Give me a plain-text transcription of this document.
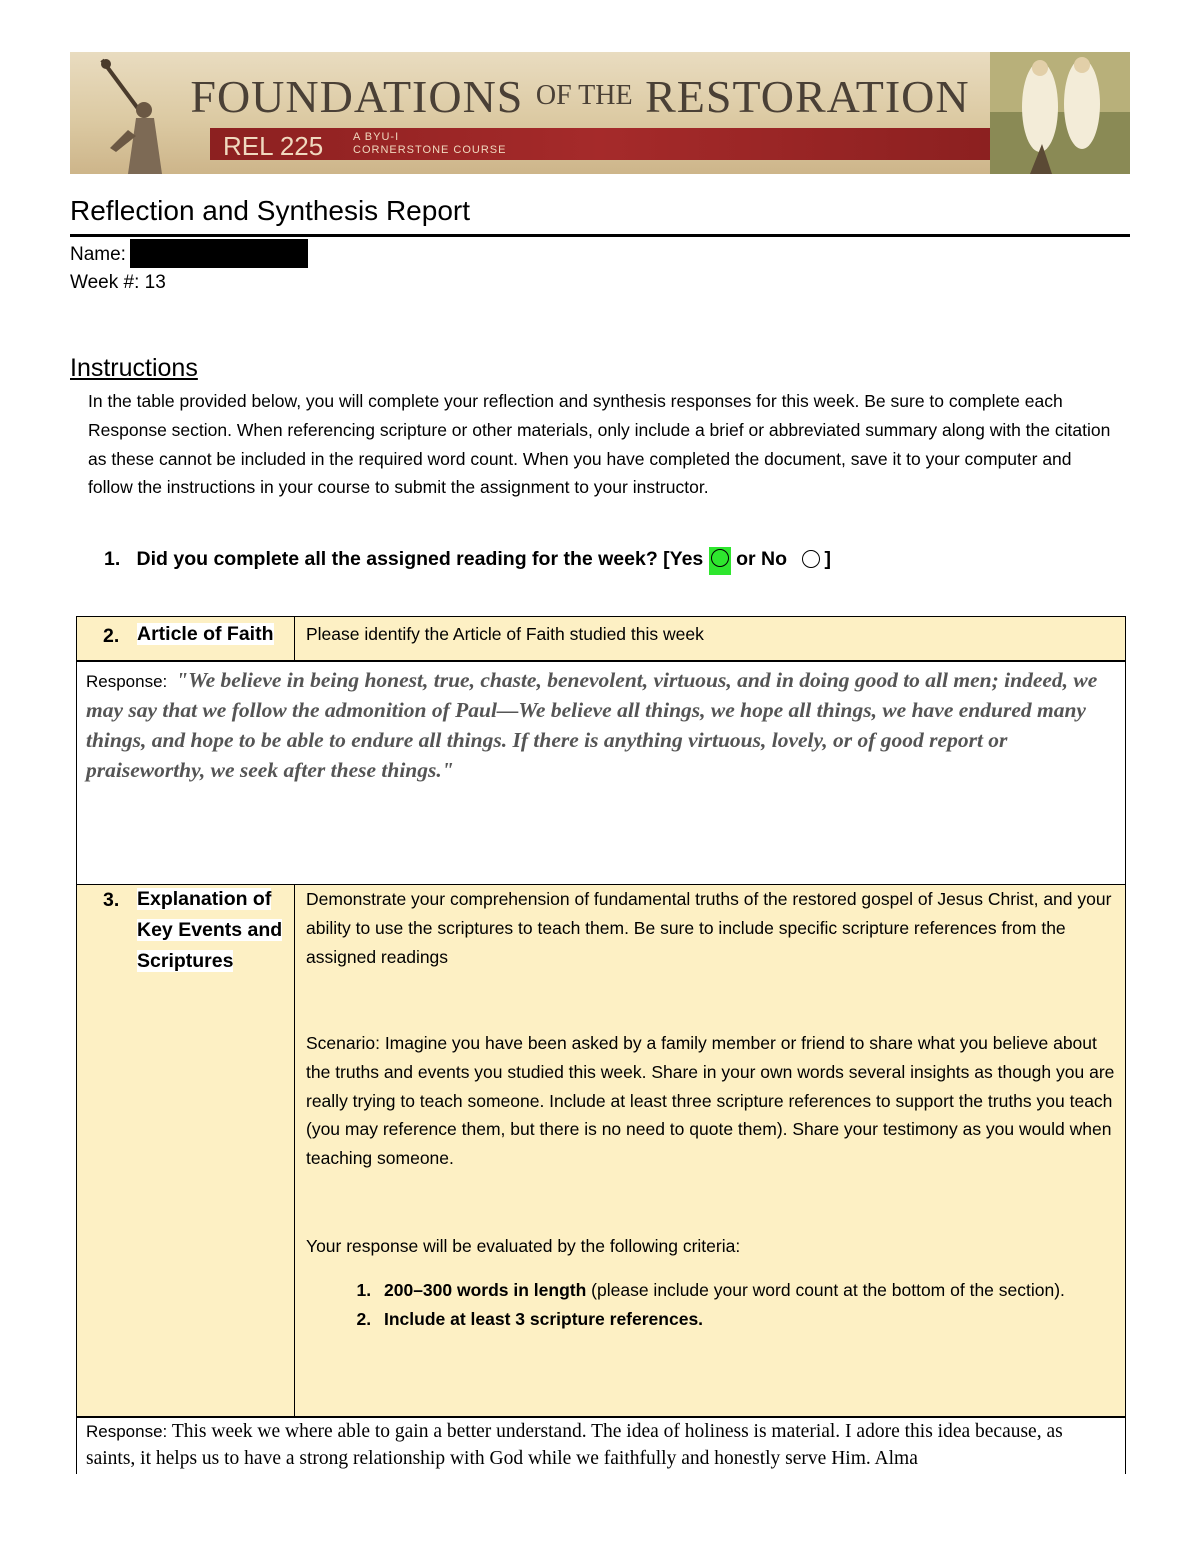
FOUNDATIONS OF THE RESTORATION
REL 225	A BYU-I
CORNERSTONE COURSE
Reflection and Synthesis Report
Name:
Week #: 13
Instructions
In the table provided below, you will complete your reflection and synthesis responses for this week. Be sure to complete each Response section. When referencing scripture or other materials, only include a brief or abbreviated summary along with the citation as these cannot be included in the required word count. When you have completed the document, save it to your computer and follow the instructions in your course to submit the assignment to your instructor.
1. Did you complete all the assigned reading for the week? [Yes or No ]
2. Article of Faith Please identify the Article of Faith studied this week
Response: "We believe in being honest, true, chaste, benevolent, virtuous, and in doing good to all men; indeed, we may say that we follow the admonition of Paul—We believe all things, we hope all things, we have endured many things, and hope to be able to endure all things. If there is anything virtuous, lovely, or of good report or praiseworthy, we seek after these things."
3. Explanation of
Key Events and
Scriptures
Demonstrate your comprehension of fundamental truths of the restored gospel of Jesus Christ, and your ability to use the scriptures to teach them. Be sure to include specific scripture references from the assigned readings
Scenario: Imagine you have been asked by a family member or friend to share what you believe about the truths and events you studied this week. Share in your own words several insights as though you are really trying to teach someone. Include at least three scripture references to support the truths you teach (you may reference them, but there is no need to quote them). Share your testimony as you would when teaching someone.
Your response will be evaluated by the following criteria:
1. 200–300 words in length (please include your word count at the bottom of the section).
2. Include at least 3 scripture references.
Response: This week we where able to gain a better understand. The idea of holiness is material. I adore this idea because, as saints, it helps us to have a strong relationship with God while we faithfully and honestly serve Him. Alma
